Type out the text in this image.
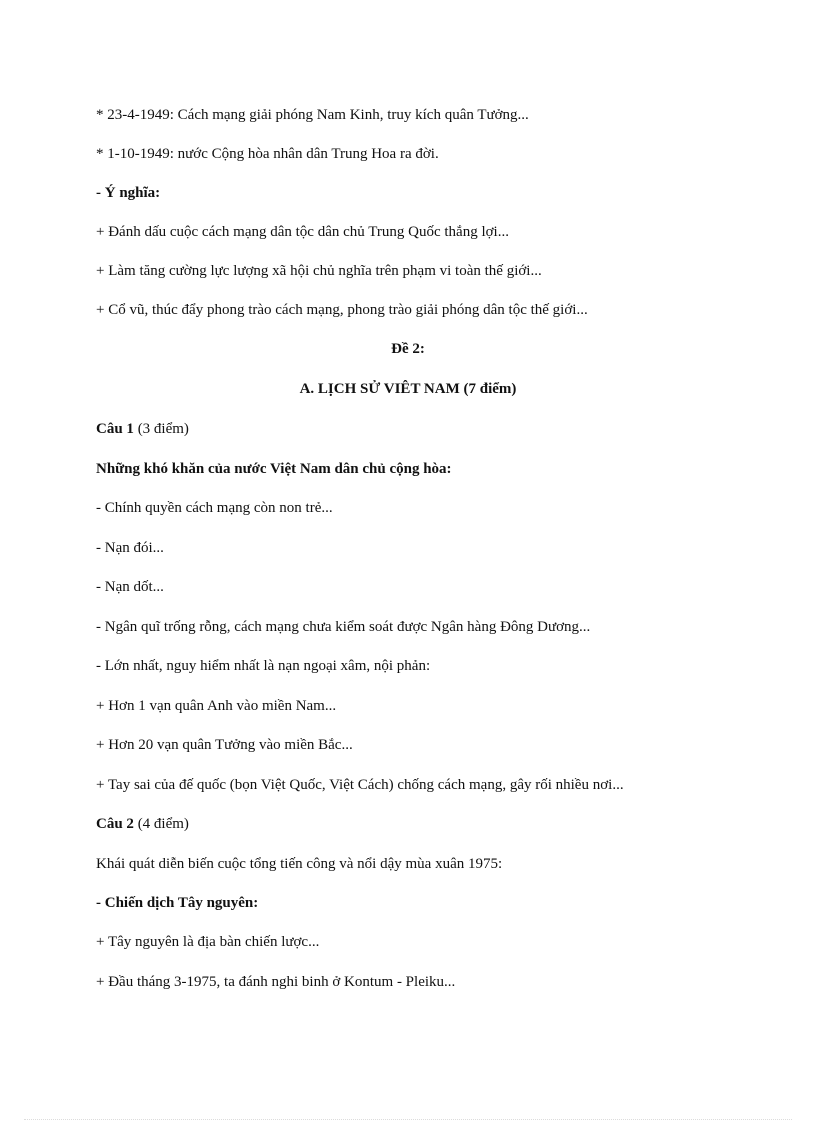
* 23-4-1949: Cách mạng giải phóng Nam Kinh, truy kích quân Tưởng...
* 1-10-1949: nước Cộng hòa nhân dân Trung Hoa ra đời.
- Ý nghĩa:
+ Đánh dấu cuộc cách mạng dân tộc dân chủ Trung Quốc thắng lợi...
+ Làm tăng cường lực lượng xã hội chủ nghĩa trên phạm vi toàn thế giới...
+ Cổ vũ, thúc đẩy phong trào cách mạng, phong trào giải phóng dân tộc thế giới...
Đề 2:
A. LỊCH SỬ VIÊT NAM (7 điểm)
Câu 1 (3 điểm)
Những khó khăn của nước Việt Nam dân chủ cộng hòa:
- Chính quyền cách mạng còn non trẻ...
- Nạn đói...
- Nạn dốt...
- Ngân quĩ trống rỗng, cách mạng chưa kiểm soát được Ngân hàng Đông Dương...
- Lớn nhất, nguy hiểm nhất là nạn ngoại xâm, nội phản:
+ Hơn 1 vạn quân Anh vào miền Nam...
+ Hơn 20 vạn quân Tưởng vào miền Bắc...
+ Tay sai của đế quốc (bọn Việt Quốc, Việt Cách) chống cách mạng, gây rối nhiều nơi...
Câu 2 (4 điểm)
Khái quát diễn biến cuộc tổng tiến công và nổi dậy mùa xuân 1975:
- Chiến dịch Tây nguyên:
+ Tây nguyên là địa bàn chiến lược...
+ Đầu tháng 3-1975, ta đánh nghi binh ở Kontum - Pleiku...
